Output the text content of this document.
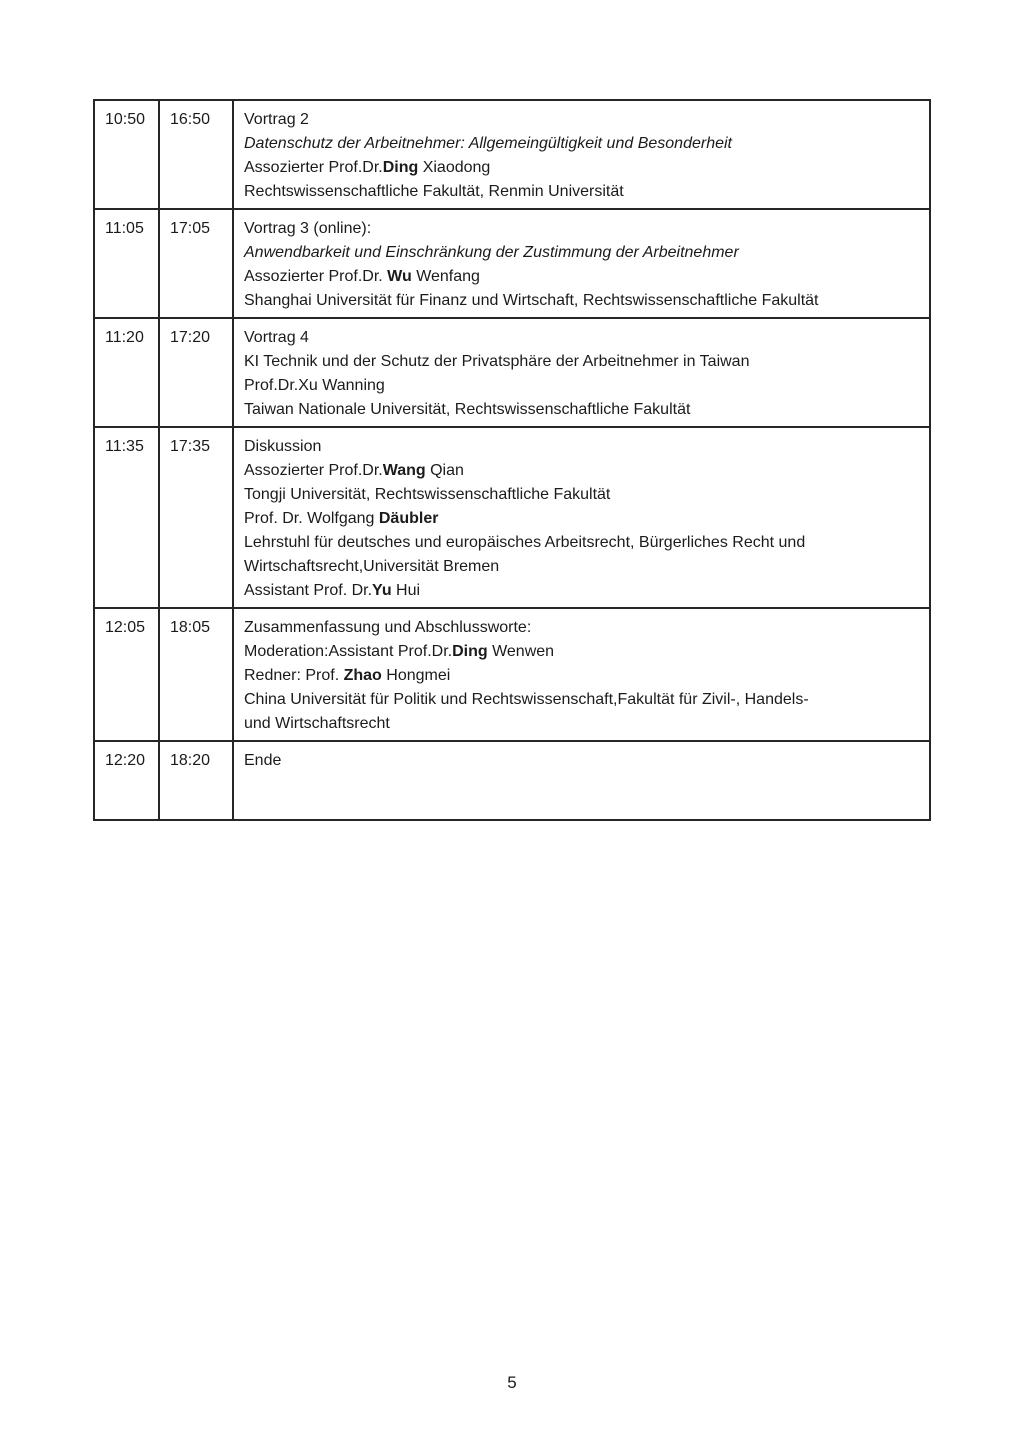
10:50	16:50	Vortrag 2
Datenschutz der Arbeitnehmer: Allgemeingültigkeit und Besonderheit
Assozierter Prof.Dr.Ding Xiaodong
Rechtswissenschaftliche Fakultät, Renmin Universität

11:05	17:05	Vortrag 3 (online):
Anwendbarkeit und Einschränkung der Zustimmung der Arbeitnehmer
Assozierter Prof.Dr. Wu Wenfang
Shanghai Universität für Finanz und Wirtschaft, Rechtswissenschaftliche Fakultät

11:20	17:20	Vortrag 4
KI Technik und der Schutz der Privatsphäre der Arbeitnehmer in Taiwan
Prof.Dr.Xu Wanning
Taiwan Nationale Universität, Rechtswissenschaftliche Fakultät

11:35	17:35	Diskussion
Assozierter Prof.Dr.Wang Qian
Tongji Universität, Rechtswissenschaftliche Fakultät
Prof. Dr. Wolfgang Däubler
Lehrstuhl für deutsches und europäisches Arbeitsrecht, Bürgerliches Recht und
Wirtschaftsrecht,Universität Bremen
Assistant Prof. Dr.Yu Hui

12:05	18:05	Zusammenfassung und Abschlussworte:
Moderation:Assistant Prof.Dr.Ding Wenwen
Redner: Prof. Zhao Hongmei
China Universität für Politik und Rechtswissenschaft,Fakultät für Zivil-, Handels-
und Wirtschaftsrecht

12:20	18:20	Ende
5
